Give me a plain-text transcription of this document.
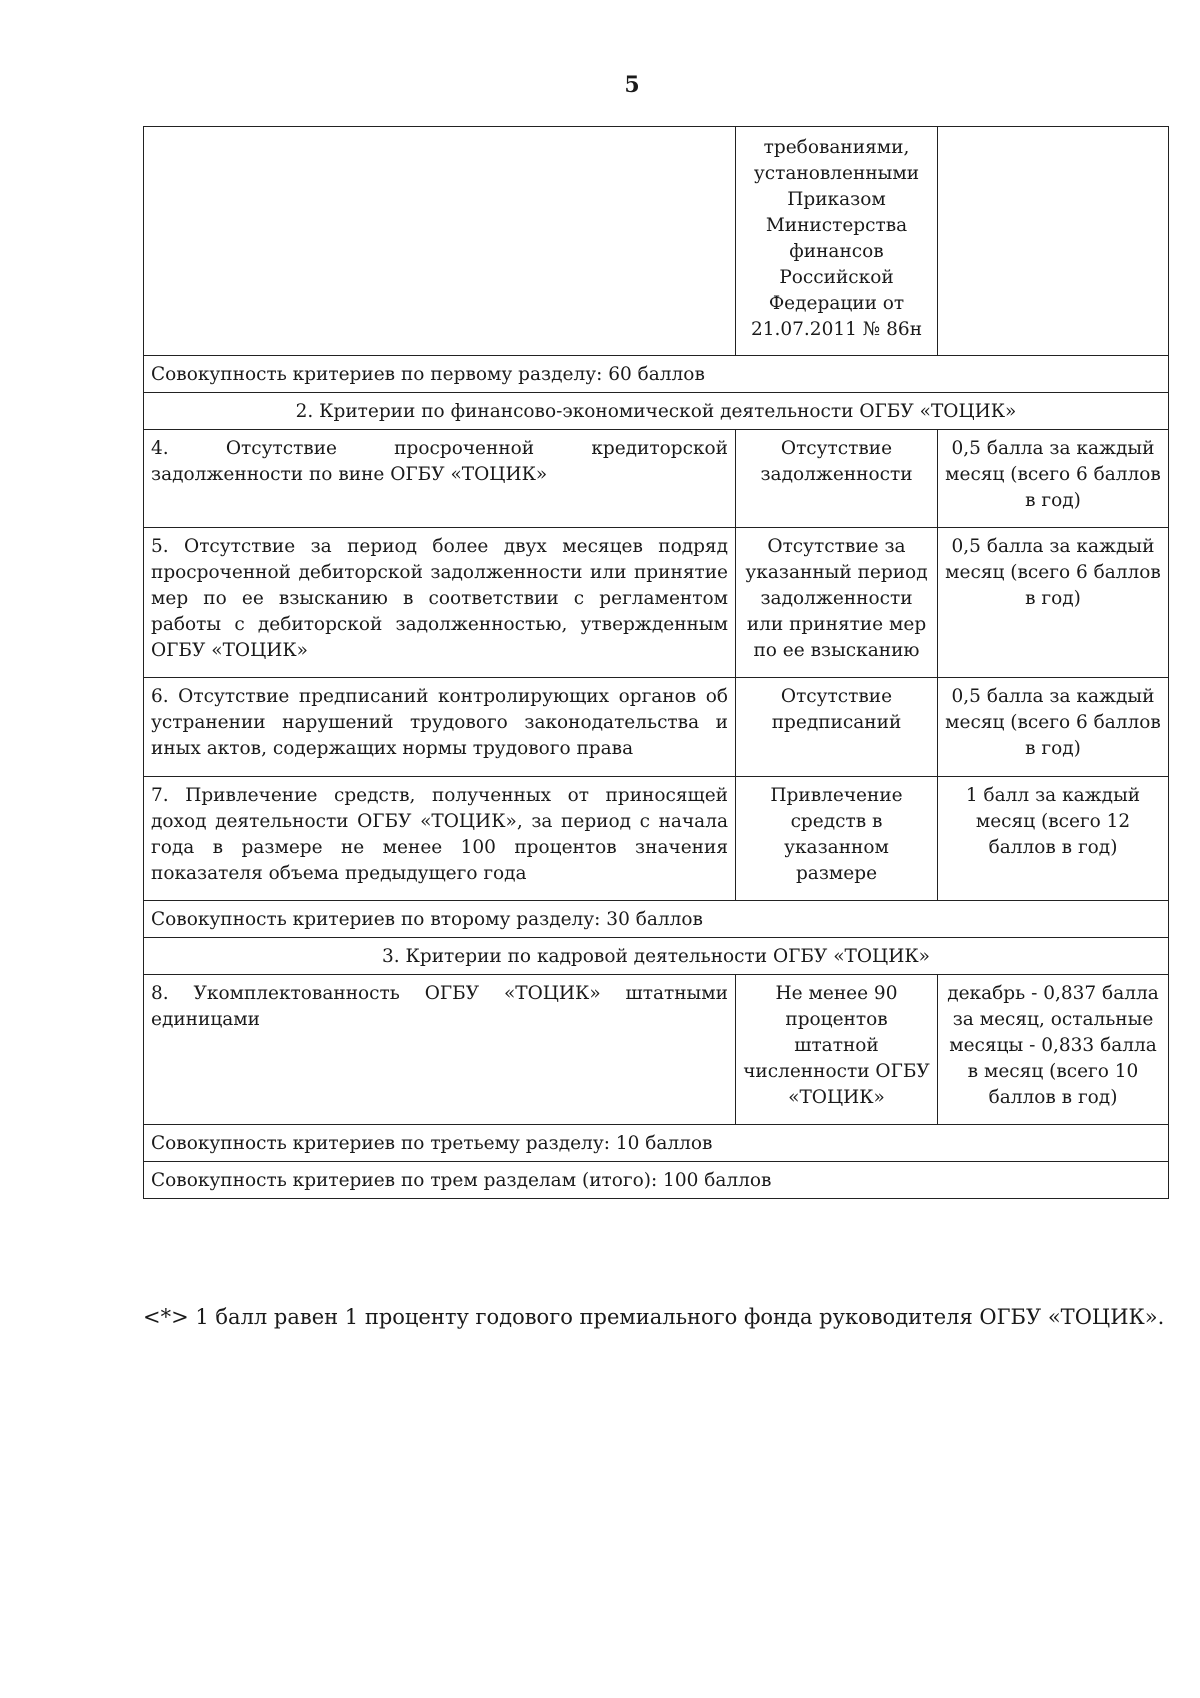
5
	требованиями, установленными Приказом Министерства финансов Российской Федерации от 21.07.2011 № 86н	
Совокупность критериев по первому разделу: 60 баллов		
2. Критерии по финансово-экономической деятельности ОГБУ «ТОЦИК»		
4. Отсутствие просроченной кредиторской задолженности по вине ОГБУ «ТОЦИК»	Отсутствие задолженности	0,5 балла за каждый месяц (всего 6 баллов в год)
5. Отсутствие за период более двух месяцев подряд просроченной дебиторской задолженности или принятие мер по ее взысканию в соответствии с регламентом работы с дебиторской задолженностью, утвержденным ОГБУ «ТОЦИК»	Отсутствие за указанный период задолженности или принятие мер по ее взысканию	0,5 балла за каждый месяц (всего 6 баллов в год)
6. Отсутствие предписаний контролирующих органов об устранении нарушений трудового законодательства и иных актов, содержащих нормы трудового права	Отсутствие предписаний	0,5 балла за каждый месяц (всего 6 баллов в год)
7. Привлечение средств, полученных от приносящей доход деятельности ОГБУ «ТОЦИК», за период с начала года в размере не менее 100 процентов значения показателя объема предыдущего года	Привлечение средств в указанном размере	1 балл за каждый месяц (всего 12 баллов в год)
Совокупность критериев по второму разделу: 30 баллов		
3. Критерии по кадровой деятельности ОГБУ «ТОЦИК»		
8. Укомплектованность ОГБУ «ТОЦИК» штатными единицами	Не менее 90 процентов штатной численности ОГБУ «ТОЦИК»	декабрь - 0,837 балла за месяц, остальные месяцы - 0,833 балла в месяц (всего 10 баллов в год)
Совокупность критериев по третьему разделу: 10 баллов		
Совокупность критериев по трем разделам (итого): 100 баллов		
<*> 1 балл равен 1 проценту годового премиального фонда руководителя ОГБУ «ТОЦИК».
